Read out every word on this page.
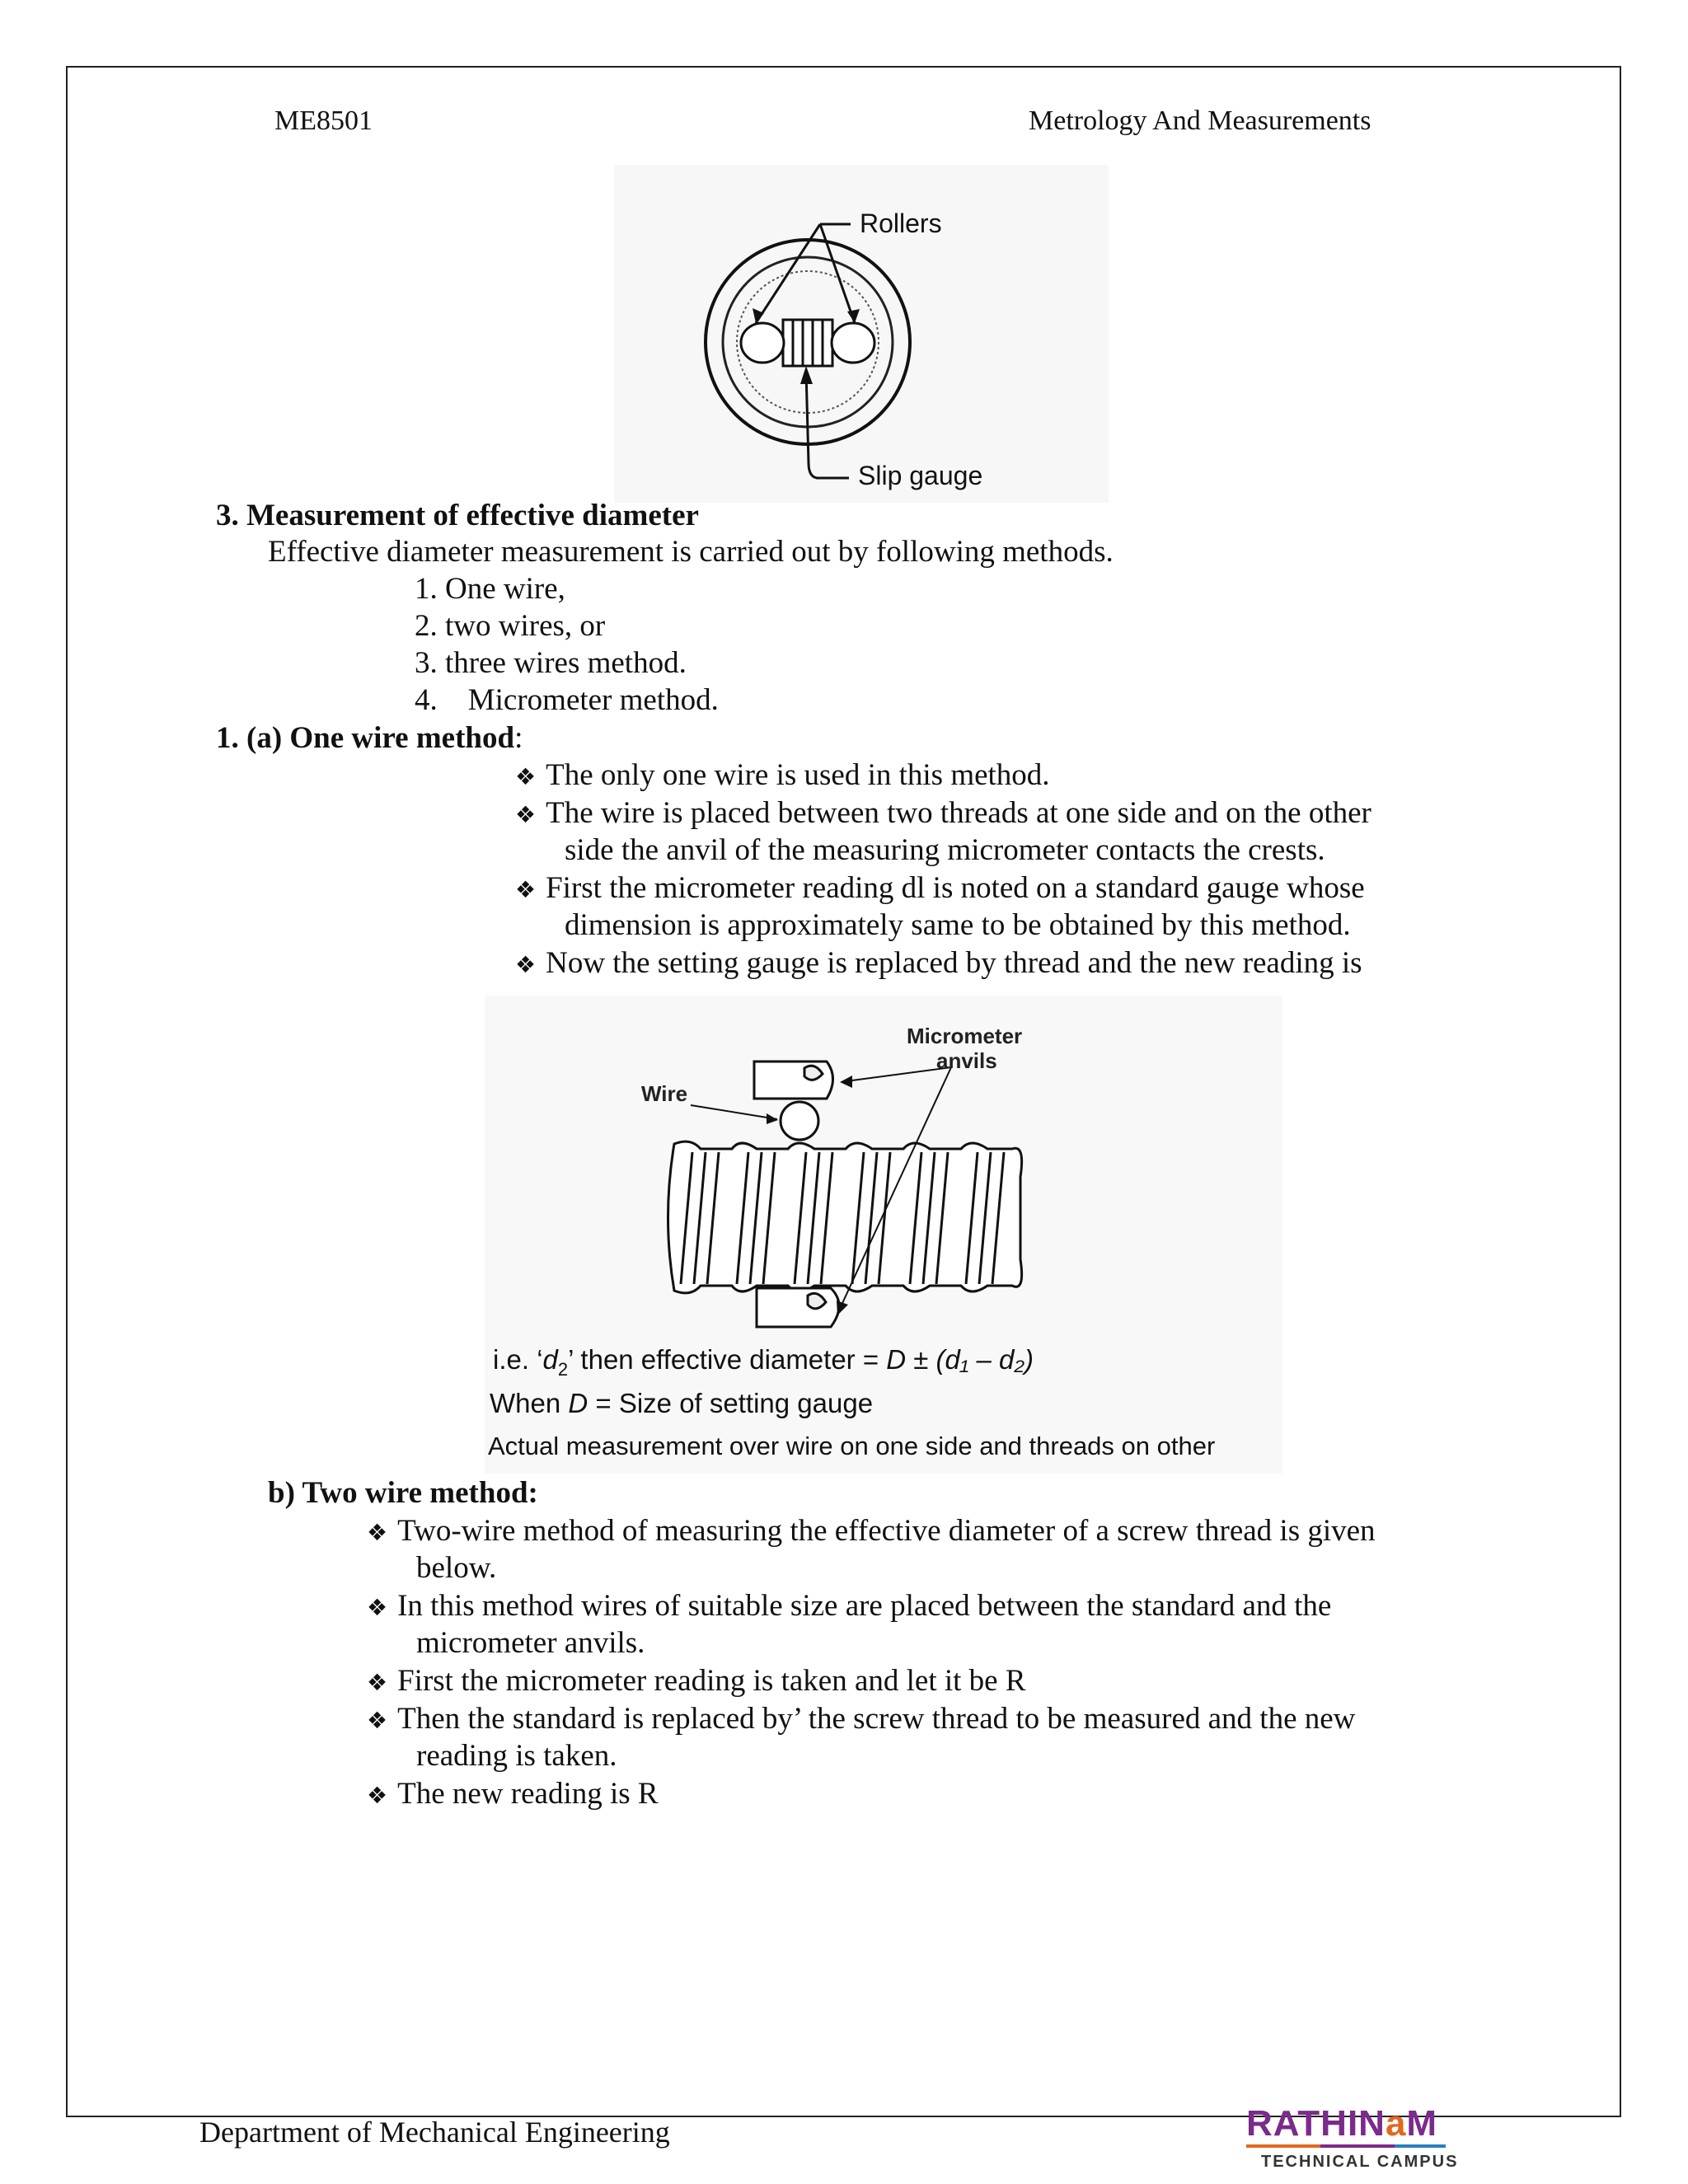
ME8501	Metrology And Measurements
Rollers
Slip gauge
3. Measurement of effective diameter
Effective diameter measurement is carried out by following methods.
1. One wire,
2. two wires, or
3. three wires method.
4.    Micrometer method.
1. (a) One wire method:
❖ The only one wire is used in this method.
❖ The wire is placed between two threads at one side and on the other
side the anvil of the measuring micrometer contacts the crests.
❖ First the micrometer reading dl is noted on a standard gauge whose
dimension is approximately same to be obtained by this method.
❖ Now the setting gauge is replaced by thread and the new reading is
Wire
Micrometer
anvils
i.e. ‘$d_2$’ then effective diameter = D ± (d₁ – d₂)
When D = Size of setting gauge
Actual measurement over wire on one side and threads on other
b) Two wire method:
❖ Two-wire method of measuring the effective diameter of a screw thread is given
below.
❖ In this method wires of suitable size are placed between the standard and the
micrometer anvils.
❖ First the micrometer reading is taken and let it be R
❖ Then the standard is replaced by’ the screw thread to be measured and the new
reading is taken.
❖ The new reading is R
Department of Mechanical Engineering	RATHINaM
TECHNICAL CAMPUS
